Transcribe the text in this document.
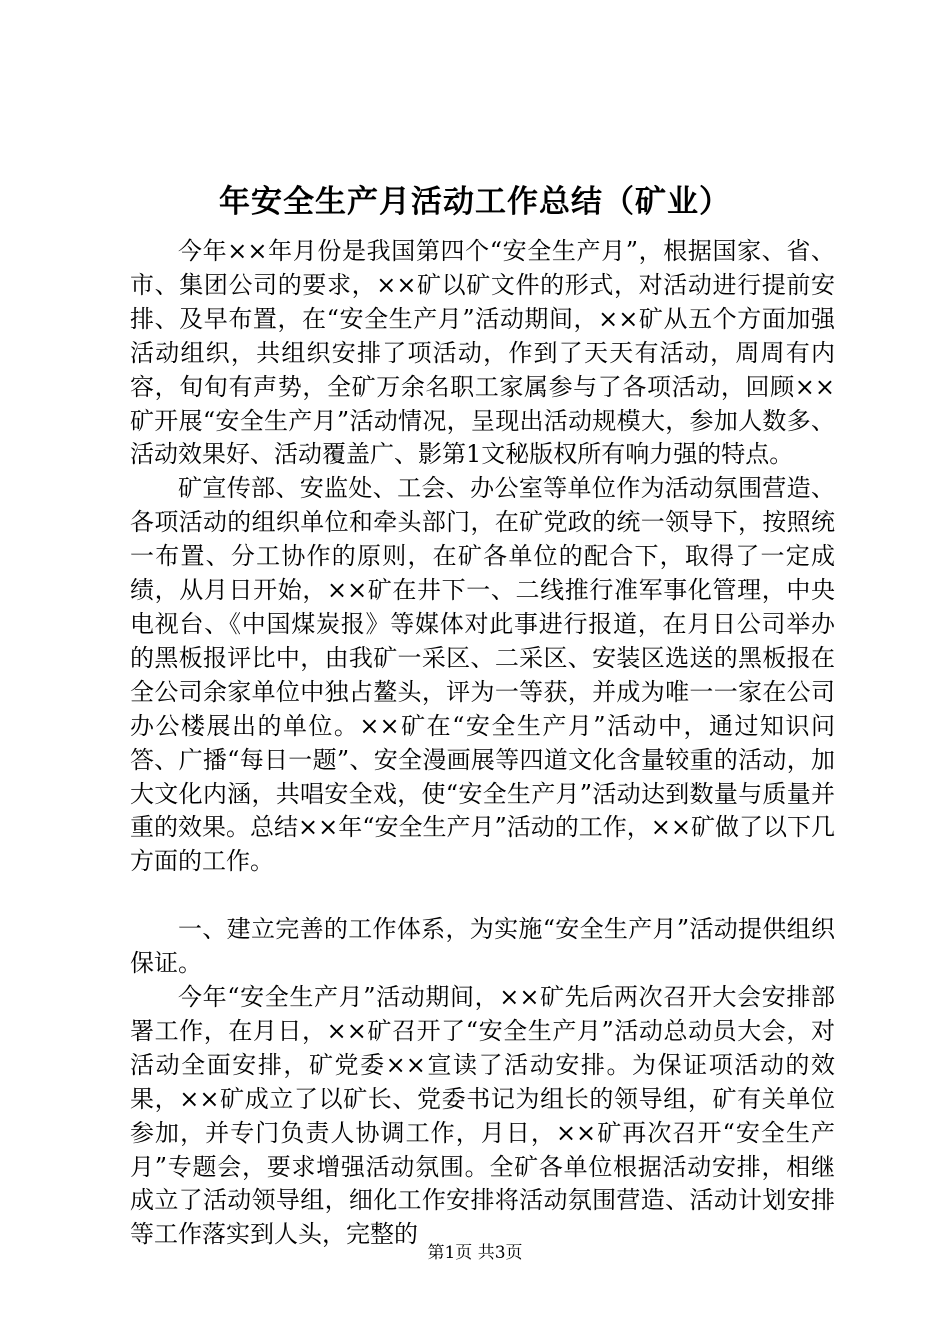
年安全生产月活动工作总结（矿业）

今年××年月份是我国第四个“安全生产月”，根据国家、省、市、集团公司的要求，××矿以矿文件的形式，对活动进行提前安排、及早布置，在“安全生产月”活动期间，××矿从五个方面加强活动组织，共组织安排了项活动，作到了天天有活动，周周有内容，旬旬有声势，全矿万余名职工家属参与了各项活动，回顾××矿开展“安全生产月”活动情况，呈现出活动规模大，参加人数多、活动效果好、活动覆盖广、影第1文秘版权所有响力强的特点。

矿宣传部、安监处、工会、办公室等单位作为活动氛围营造、各项活动的组织单位和牵头部门，在矿党政的统一领导下，按照统一布置、分工协作的原则，在矿各单位的配合下，取得了一定成绩，从月日开始，××矿在井下一、二线推行准军事化管理，中央电视台、《中国煤炭报》等媒体对此事进行报道，在月日公司举办的黑板报评比中，由我矿一采区、二采区、安装区选送的黑板报在全公司余家单位中独占鳌头，评为一等获，并成为唯一一家在公司办公楼展出的单位。××矿在“安全生产月”活动中，通过知识问答、广播“每日一题”、安全漫画展等四道文化含量较重的活动，加大文化内涵，共唱安全戏，使“安全生产月”活动达到数量与质量并重的效果。总结××年“安全生产月”活动的工作，××矿做了以下几方面的工作。

一、建立完善的工作体系，为实施“安全生产月”活动提供组织保证。

今年“安全生产月”活动期间，××矿先后两次召开大会安排部署工作，在月日，××矿召开了“安全生产月”活动总动员大会，对活动全面安排，矿党委××宣读了活动安排。为保证项活动的效果，××矿成立了以矿长、党委书记为组长的领导组，矿有关单位参加，并专门负责人协调工作，月日，××矿再次召开“安全生产月”专题会，要求增强活动氛围。全矿各单位根据活动安排，相继成立了活动领导组，细化工作安排将活动氛围营造、活动计划安排等工作落实到人头，完整的

第1页 共3页
